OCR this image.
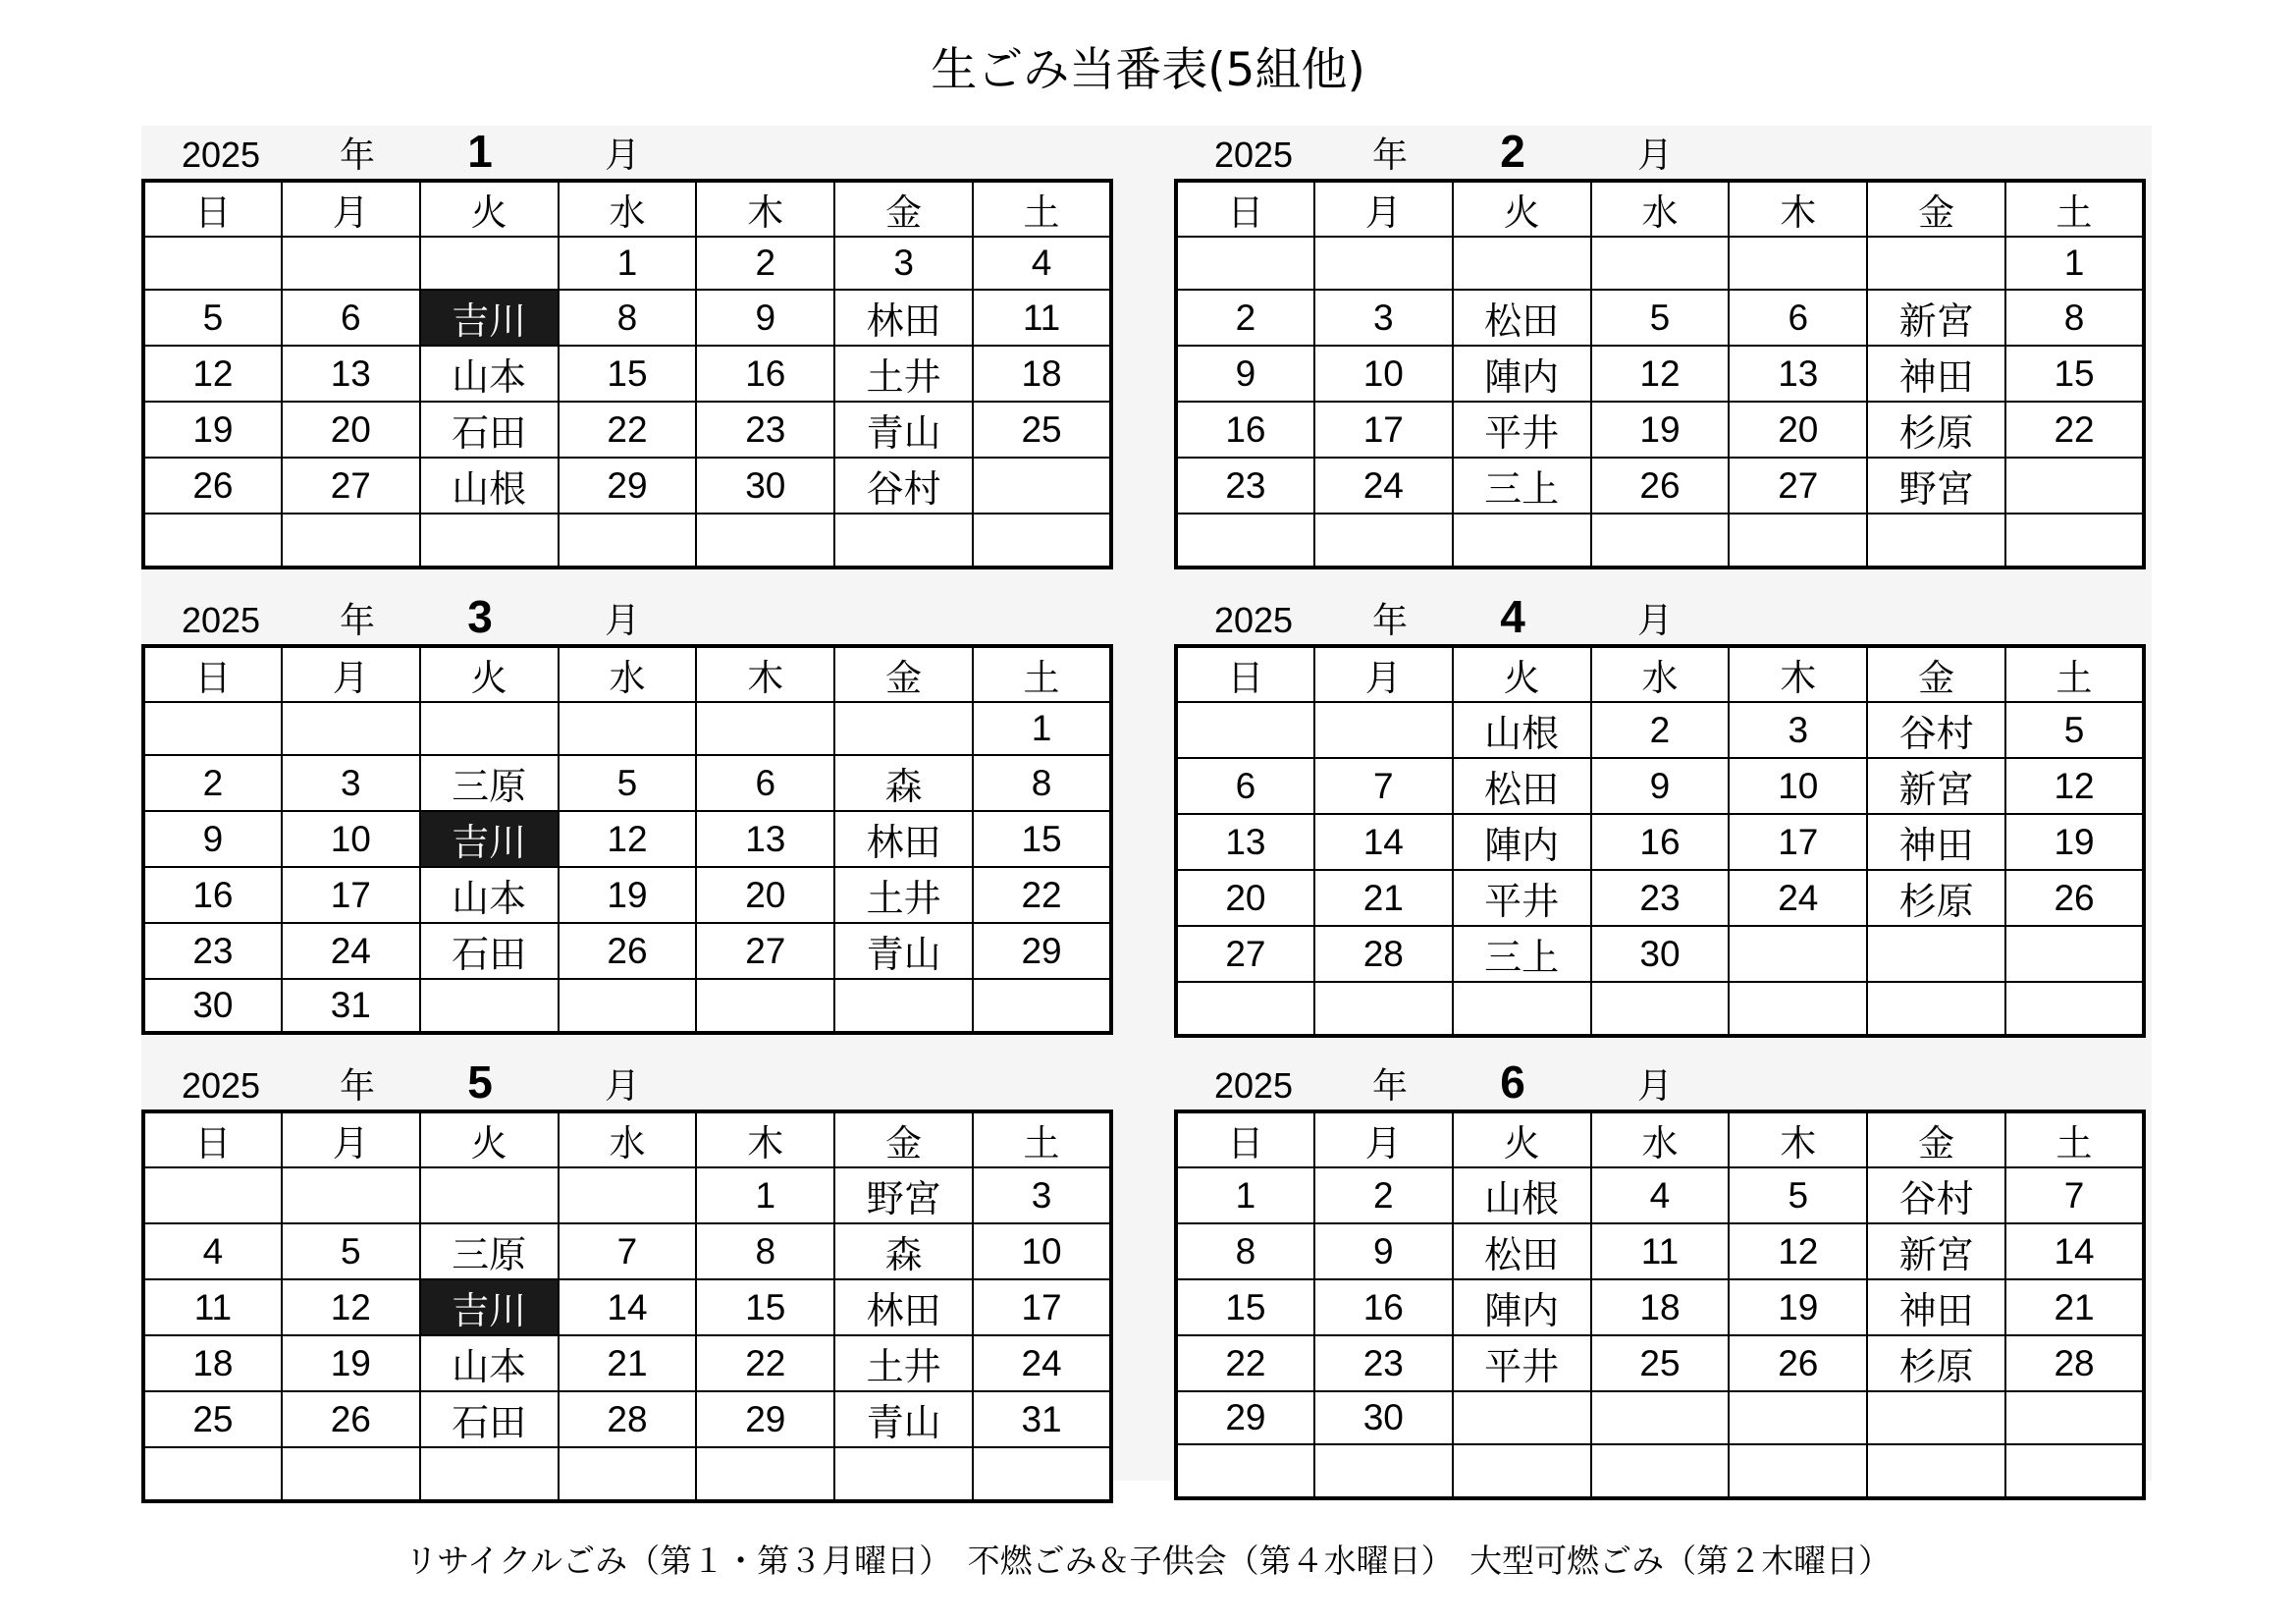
生ごみ当番表(5組他)
2025	年 1	月
日	月	火	水	木	金	土
			1	2	3	4
5	6	吉川	8	9	林田	11
12	13	山本	15	16	土井	18
19	20	石田	22	23	青山	25
26	27	山根	29	30	谷村	

2025	年 2	月
日	月	火	水	木	金	土
						1
2	3	松田	5	6	新宮	8
9	10	陣内	12	13	神田	15
16	17	平井	19	20	杉原	22
23	24	三上	26	27	野宮	

2025	年 3	月
日	月	火	水	木	金	土
						1
2	3	三原	5	6	森	8
9	10	吉川	12	13	林田	15
16	17	山本	19	20	土井	22
23	24	石田	26	27	青山	29
30	31					
2025	年 4	月
日	月	火	水	木	金	土
		山根	2	3	谷村	5
6	7	松田	9	10	新宮	12
13	14	陣内	16	17	神田	19
20	21	平井	23	24	杉原	26
27	28	三上	30			

2025	年 5	月
日	月	火	水	木	金	土
				1	野宮	3
4	5	三原	7	8	森	10
11	12	吉川	14	15	林田	17
18	19	山本	21	22	土井	24
25	26	石田	28	29	青山	31

2025	年 6	月
日	月	火	水	木	金	土
1	2	山根	4	5	谷村	7
8	9	松田	11	12	新宮	14
15	16	陣内	18	19	神田	21
22	23	平井	25	26	杉原	28
29	30					

リサイクルごみ（第１・第３月曜日）　不燃ごみ＆子供会（第４水曜日）　大型可燃ごみ（第２木曜日）
